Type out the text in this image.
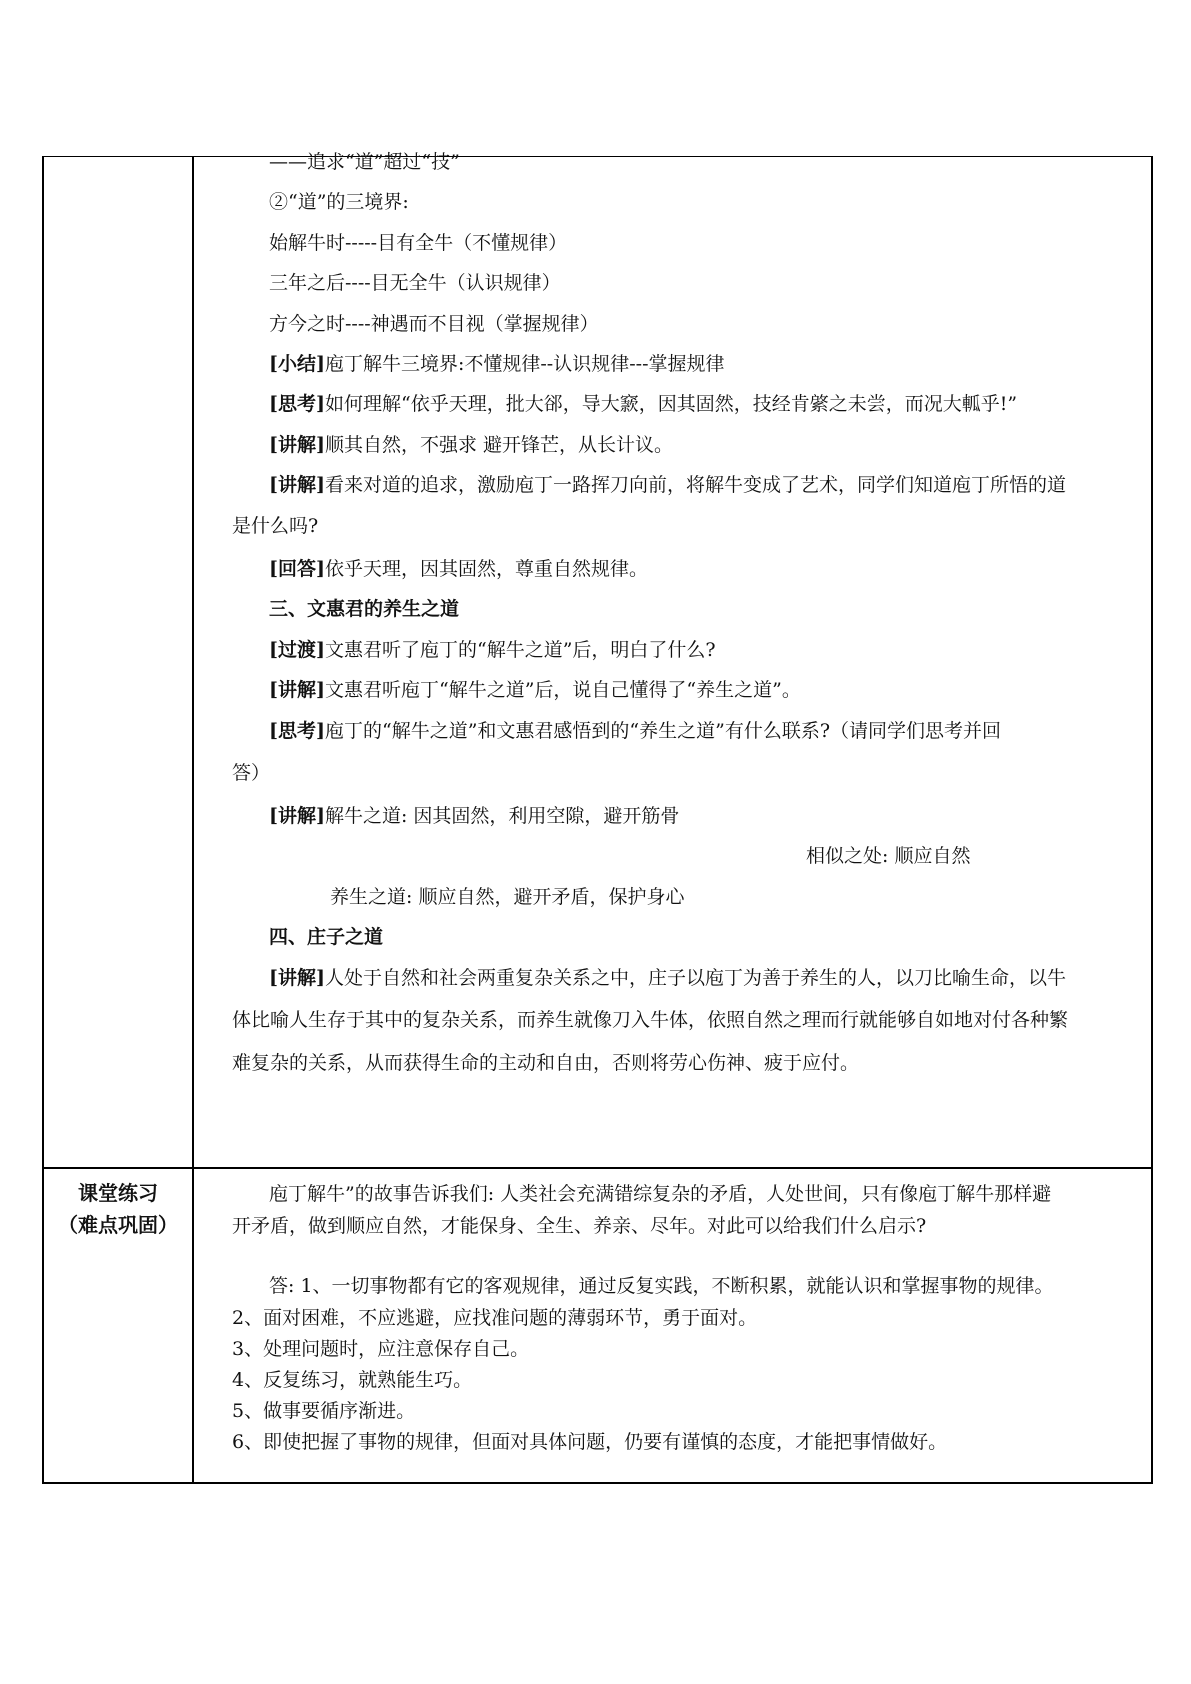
——追求“道”超过“技”
②“道”的三境界:
始解牛时-----目有全牛（不懂规律）
三年之后----目无全牛（认识规律）
方今之时----神遇而不目视（掌握规律）
[小结]庖丁解牛三境界:不懂规律--认识规律---掌握规律
[思考]如何理解“依乎天理，批大郤，导大窾，因其固然，技经肯綮之未尝，而况大軱乎!”
[讲解]顺其自然，不强求 避开锋芒，从长计议。
[讲解]看来对道的追求，激励庖丁一路挥刀向前，将解牛变成了艺术，同学们知道庖丁所悟的道
是什么吗?
[回答]依乎天理，因其固然，尊重自然规律。
三、文惠君的养生之道
[过渡]文惠君听了庖丁的“解牛之道”后，明白了什么?
[讲解]文惠君听庖丁“解牛之道”后，说自己懂得了“养生之道”。
[思考]庖丁的“解牛之道”和文惠君感悟到的“养生之道”有什么联系?（请同学们思考并回
答）
[讲解]解牛之道: 因其固然，利用空隙，避开筋骨
相似之处: 顺应自然
养生之道: 顺应自然，避开矛盾，保护身心
四、庄子之道
[讲解]人处于自然和社会两重复杂关系之中，庄子以庖丁为善于养生的人，以刀比喻生命，以牛
体比喻人生存于其中的复杂关系，而养生就像刀入牛体，依照自然之理而行就能够自如地对付各种繁
难复杂的关系，从而获得生命的主动和自由，否则将劳心伤神、疲于应付。
课堂练习
（难点巩固）
庖丁解牛”的故事告诉我们: 人类社会充满错综复杂的矛盾，人处世间，只有像庖丁解牛那样避
开矛盾，做到顺应自然，才能保身、全生、养亲、尽年。对此可以给我们什么启示?
答: 1、一切事物都有它的客观规律，通过反复实践，不断积累，就能认识和掌握事物的规律。
2、面对困难，不应逃避，应找准问题的薄弱环节，勇于面对。
3、处理问题时，应注意保存自己。
4、反复练习，就熟能生巧。
5、做事要循序渐进。
6、即使把握了事物的规律，但面对具体问题，仍要有谨慎的态度，才能把事情做好。
